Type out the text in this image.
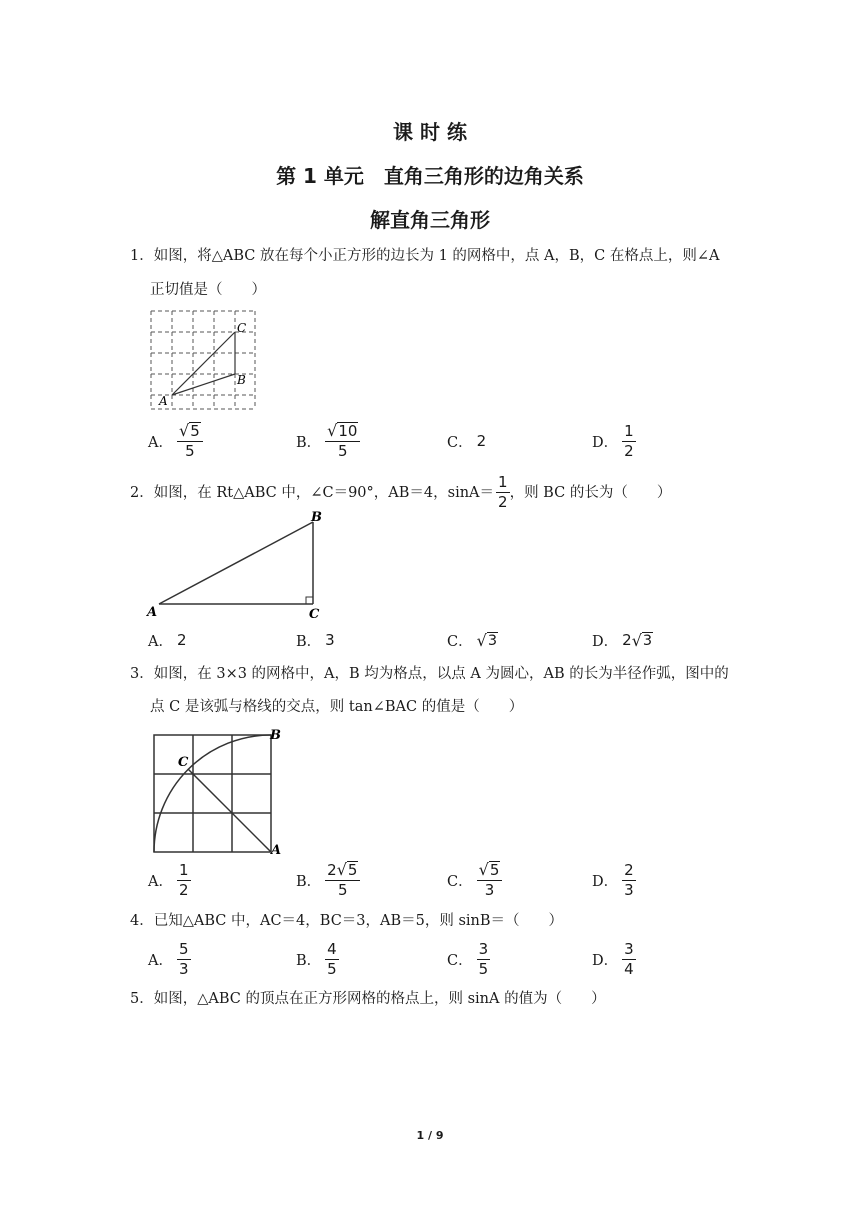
课 时 练
第 1 单元　直角三角形的边角关系
解直角三角形
1．如图，将△ABC 放在每个小正方形的边长为 1 的网格中，点 A，B，C 在格点上，则∠A
正切值是（　　）
A
B
C
A． $\frac{√ 5}{5}$	B． $\frac{√ 10}{5}$	C． 2	D． $\frac{1}{2}$
2． 如图，在 Rt△ABC 中，∠C＝90°，AB＝4，$\sin A= \frac{1}{2}$ ，则 BC 的长为（　　）
A
B
C
A． 2	B． 3	C． √ 3	D． 2 √ 3
3．如图，在 3×3 的网格中，A，B 均为格点，以点 A 为圆心，AB 的长为半径作弧，图中的
点 C 是该弧与格线的交点，则 tan∠BAC 的值是（　　）
C
B
A
A． $\frac{1}{2}$	B． $\frac{2 √ 5}{5}$	C． $\frac{√ 5}{3}$	D． $\frac{2}{3}$
4．已知△ABC 中，AC＝4，BC＝3，AB＝5，则 sinB＝（　　）
A． $\frac{5}{3}$	B． $\frac{4}{5}$	C． $\frac{3}{5}$	D． $\frac{3}{4}$
5．如图，△ABC 的顶点在正方形网格的格点上，则 sinA 的值为（　　）
1 / 9
